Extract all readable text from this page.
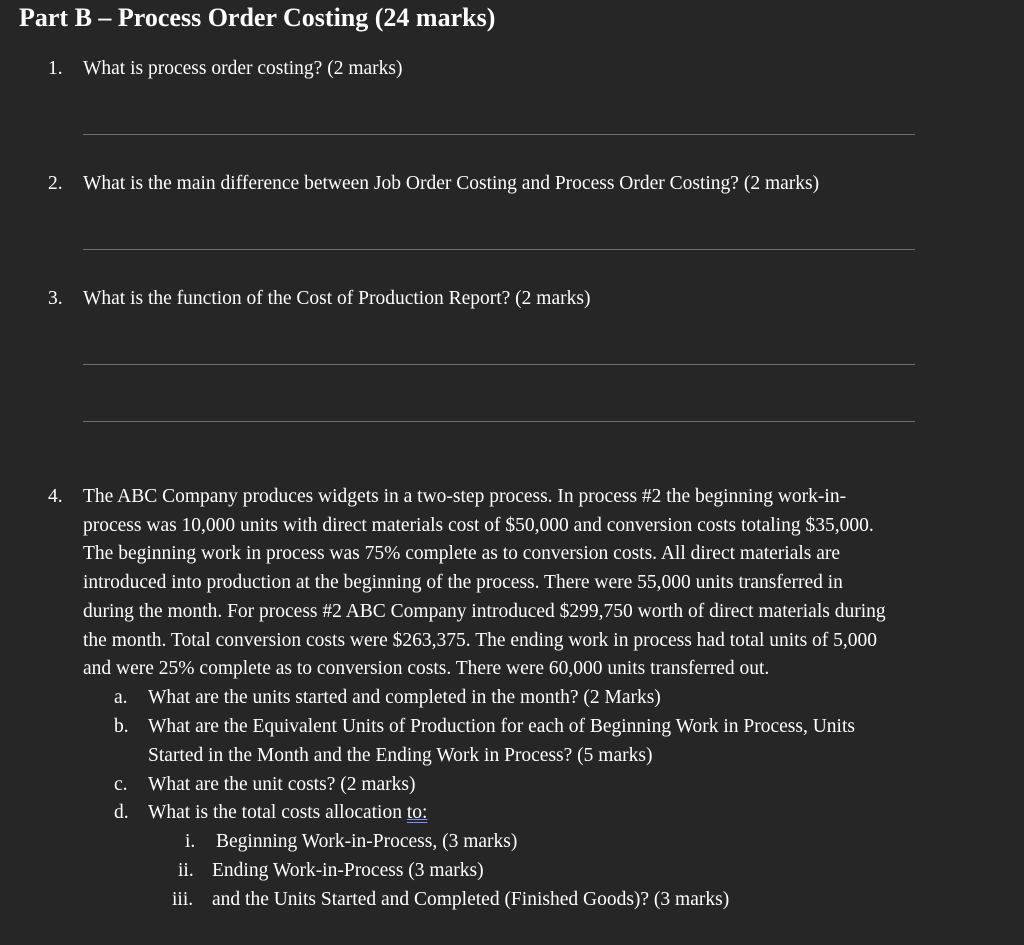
Part B – Process Order Costing (24 marks)
1. What is process order costing? (2 marks)
2. What is the main difference between Job Order Costing and Process Order Costing? (2 marks)
3. What is the function of the Cost of Production Report? (2 marks)
4. The ABC Company produces widgets in a two-step process. In process #2 the beginning work-in-
process was 10,000 units with direct materials cost of $50,000 and conversion costs totaling $35,000.
The beginning work in process was 75% complete as to conversion costs. All direct materials are
introduced into production at the beginning of the process. There were 55,000 units transferred in
during the month. For process #2 ABC Company introduced $299,750 worth of direct materials during
the month. Total conversion costs were $263,375. The ending work in process had total units of 5,000
and were 25% complete as to conversion costs. There were 60,000 units transferred out.
a. What are the units started and completed in the month? (2 Marks)
b. What are the Equivalent Units of Production for each of Beginning Work in Process, Units
Started in the Month and the Ending Work in Process? (5 marks)
c. What are the unit costs? (2 marks)
d. What is the total costs allocation to:
i. Beginning Work-in-Process, (3 marks)
ii. Ending Work-in-Process (3 marks)
iii. and the Units Started and Completed (Finished Goods)? (3 marks)
